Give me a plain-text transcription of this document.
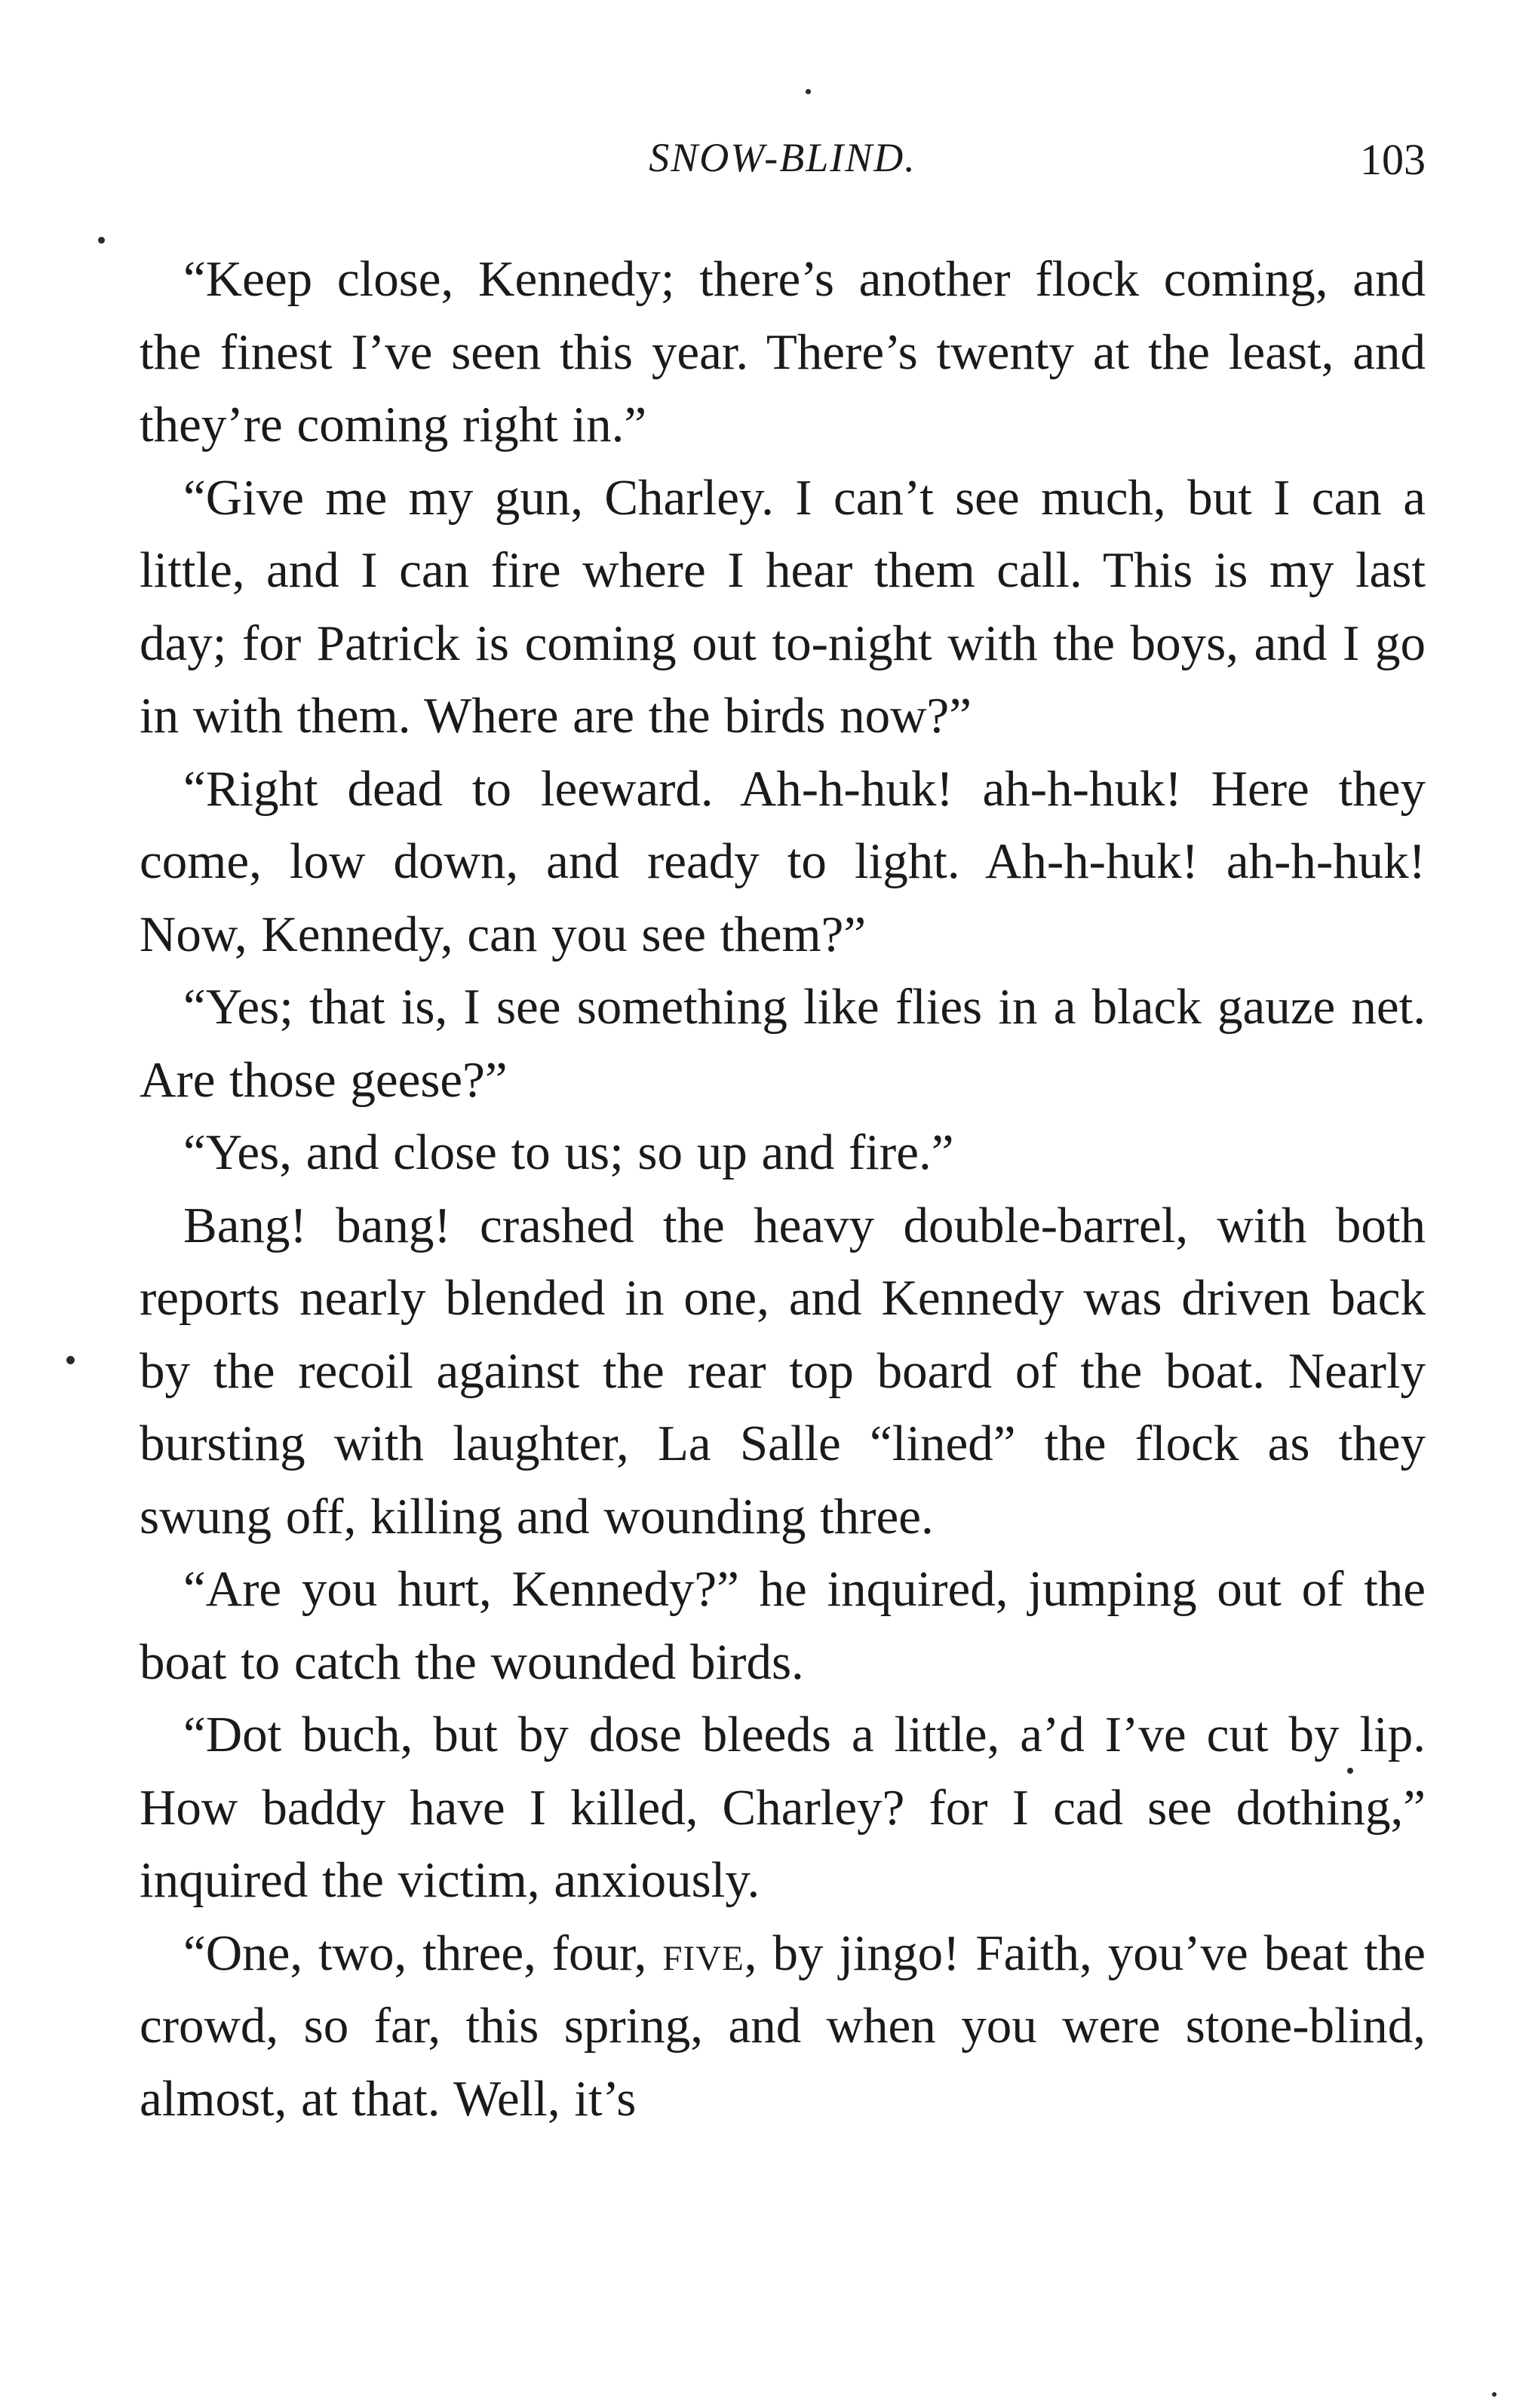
SNOW-BLIND.	103

“Keep close, Kennedy; there’s another flock coming, and the finest I’ve seen this year. There’s twenty at the least, and they’re coming right in.”

“Give me my gun, Charley. I can’t see much, but I can a little, and I can fire where I hear them call. This is my last day; for Patrick is coming out to-night with the boys, and I go in with them. Where are the birds now?”

“Right dead to leeward. Ah-h-huk! ah-h-huk! Here they come, low down, and ready to light. Ah-h-huk! ah-h-huk! Now, Kennedy, can you see them?”

“Yes; that is, I see something like flies in a black gauze net. Are those geese?”

“Yes, and close to us; so up and fire.”

Bang! bang! crashed the heavy double-barrel, with both reports nearly blended in one, and Kennedy was driven back by the recoil against the rear top board of the boat. Nearly bursting with laughter, La Salle “lined” the flock as they swung off, killing and wounding three.

“Are you hurt, Kennedy?” he inquired, jumping out of the boat to catch the wounded birds.

“Dot buch, but by dose bleeds a little, a’d I’ve cut by lip. How baddy have I killed, Charley? for I cad see dothing,” inquired the victim, anxiously.

“One, two, three, four, five, by jingo! Faith, you’ve beat the crowd, so far, this spring, and when you were stone-blind, almost, at that. Well, it’s
